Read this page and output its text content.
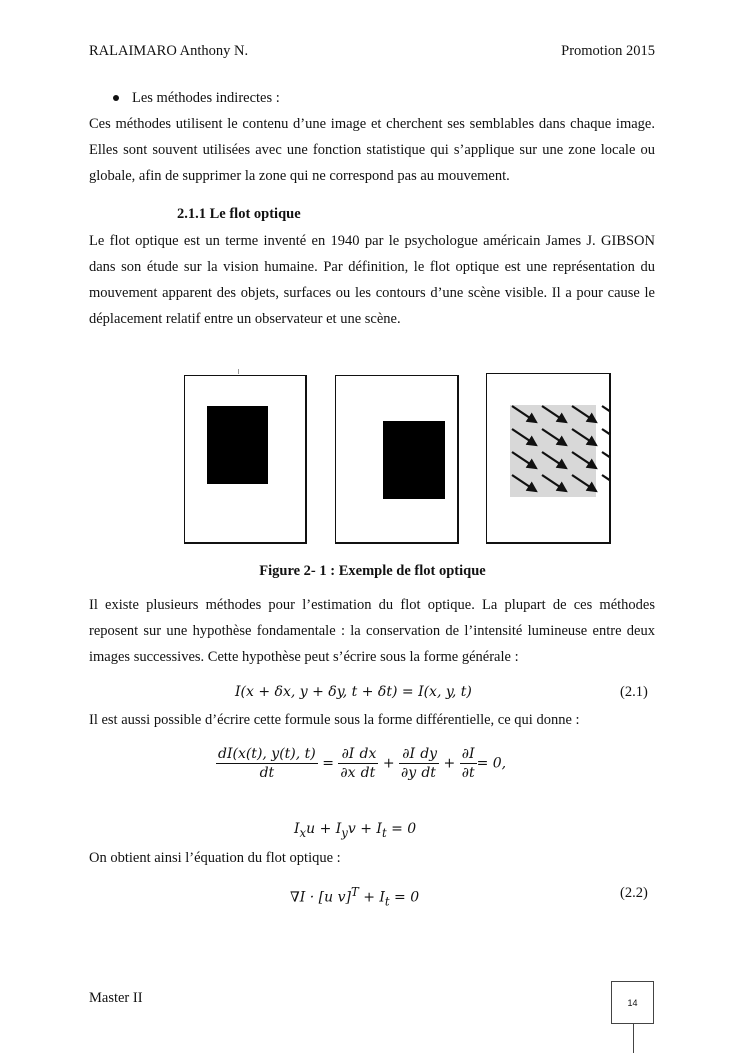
RALAIMARO Anthony N.	Promotion 2015
Les méthodes indirectes :
Ces méthodes utilisent le contenu d’une image et cherchent ses semblables dans chaque image.
Elles sont souvent utilisées avec une fonction statistique qui s’applique sur une zone locale ou
globale, afin de supprimer la zone qui ne correspond pas au mouvement.
2.1.1 Le flot optique
Le flot optique est un terme inventé en 1940 par le psychologue américain James J. GIBSON
dans son étude sur la vision humaine. Par définition, le flot optique est une représentation du
mouvement apparent des objets, surfaces ou les contours d’une scène visible. Il a pour cause le
déplacement relatif entre un observateur et une scène.
Figure 2- 1 : Exemple de flot optique
Il existe plusieurs méthodes pour l’estimation du flot optique. La plupart de ces méthodes
reposent sur une hypothèse fondamentale : la conservation de l’intensité lumineuse entre deux
images successives. Cette hypothèse peut s’écrire sous la forme générale :
I(x + δx, y + δy, t + δt) = I(x, y, t)	(2.1)
Il est aussi possible d’écrire cette formule sous la forme différentielle, ce qui donne :
$\frac{dI(x(t), y(t), t)}{dt} = \frac{\partial I}{\partial x} \frac{dx}{dt} + \frac{\partial I}{\partial y} \frac{dy}{dt} + \frac{\partial I}{\partial t} = 0$,
$I_xu + I_yv + I_t = 0$
On obtient ainsi l’équation du flot optique :
∇I · [u $v]^T + I_t = 0$	(2.2)
Master II	14
